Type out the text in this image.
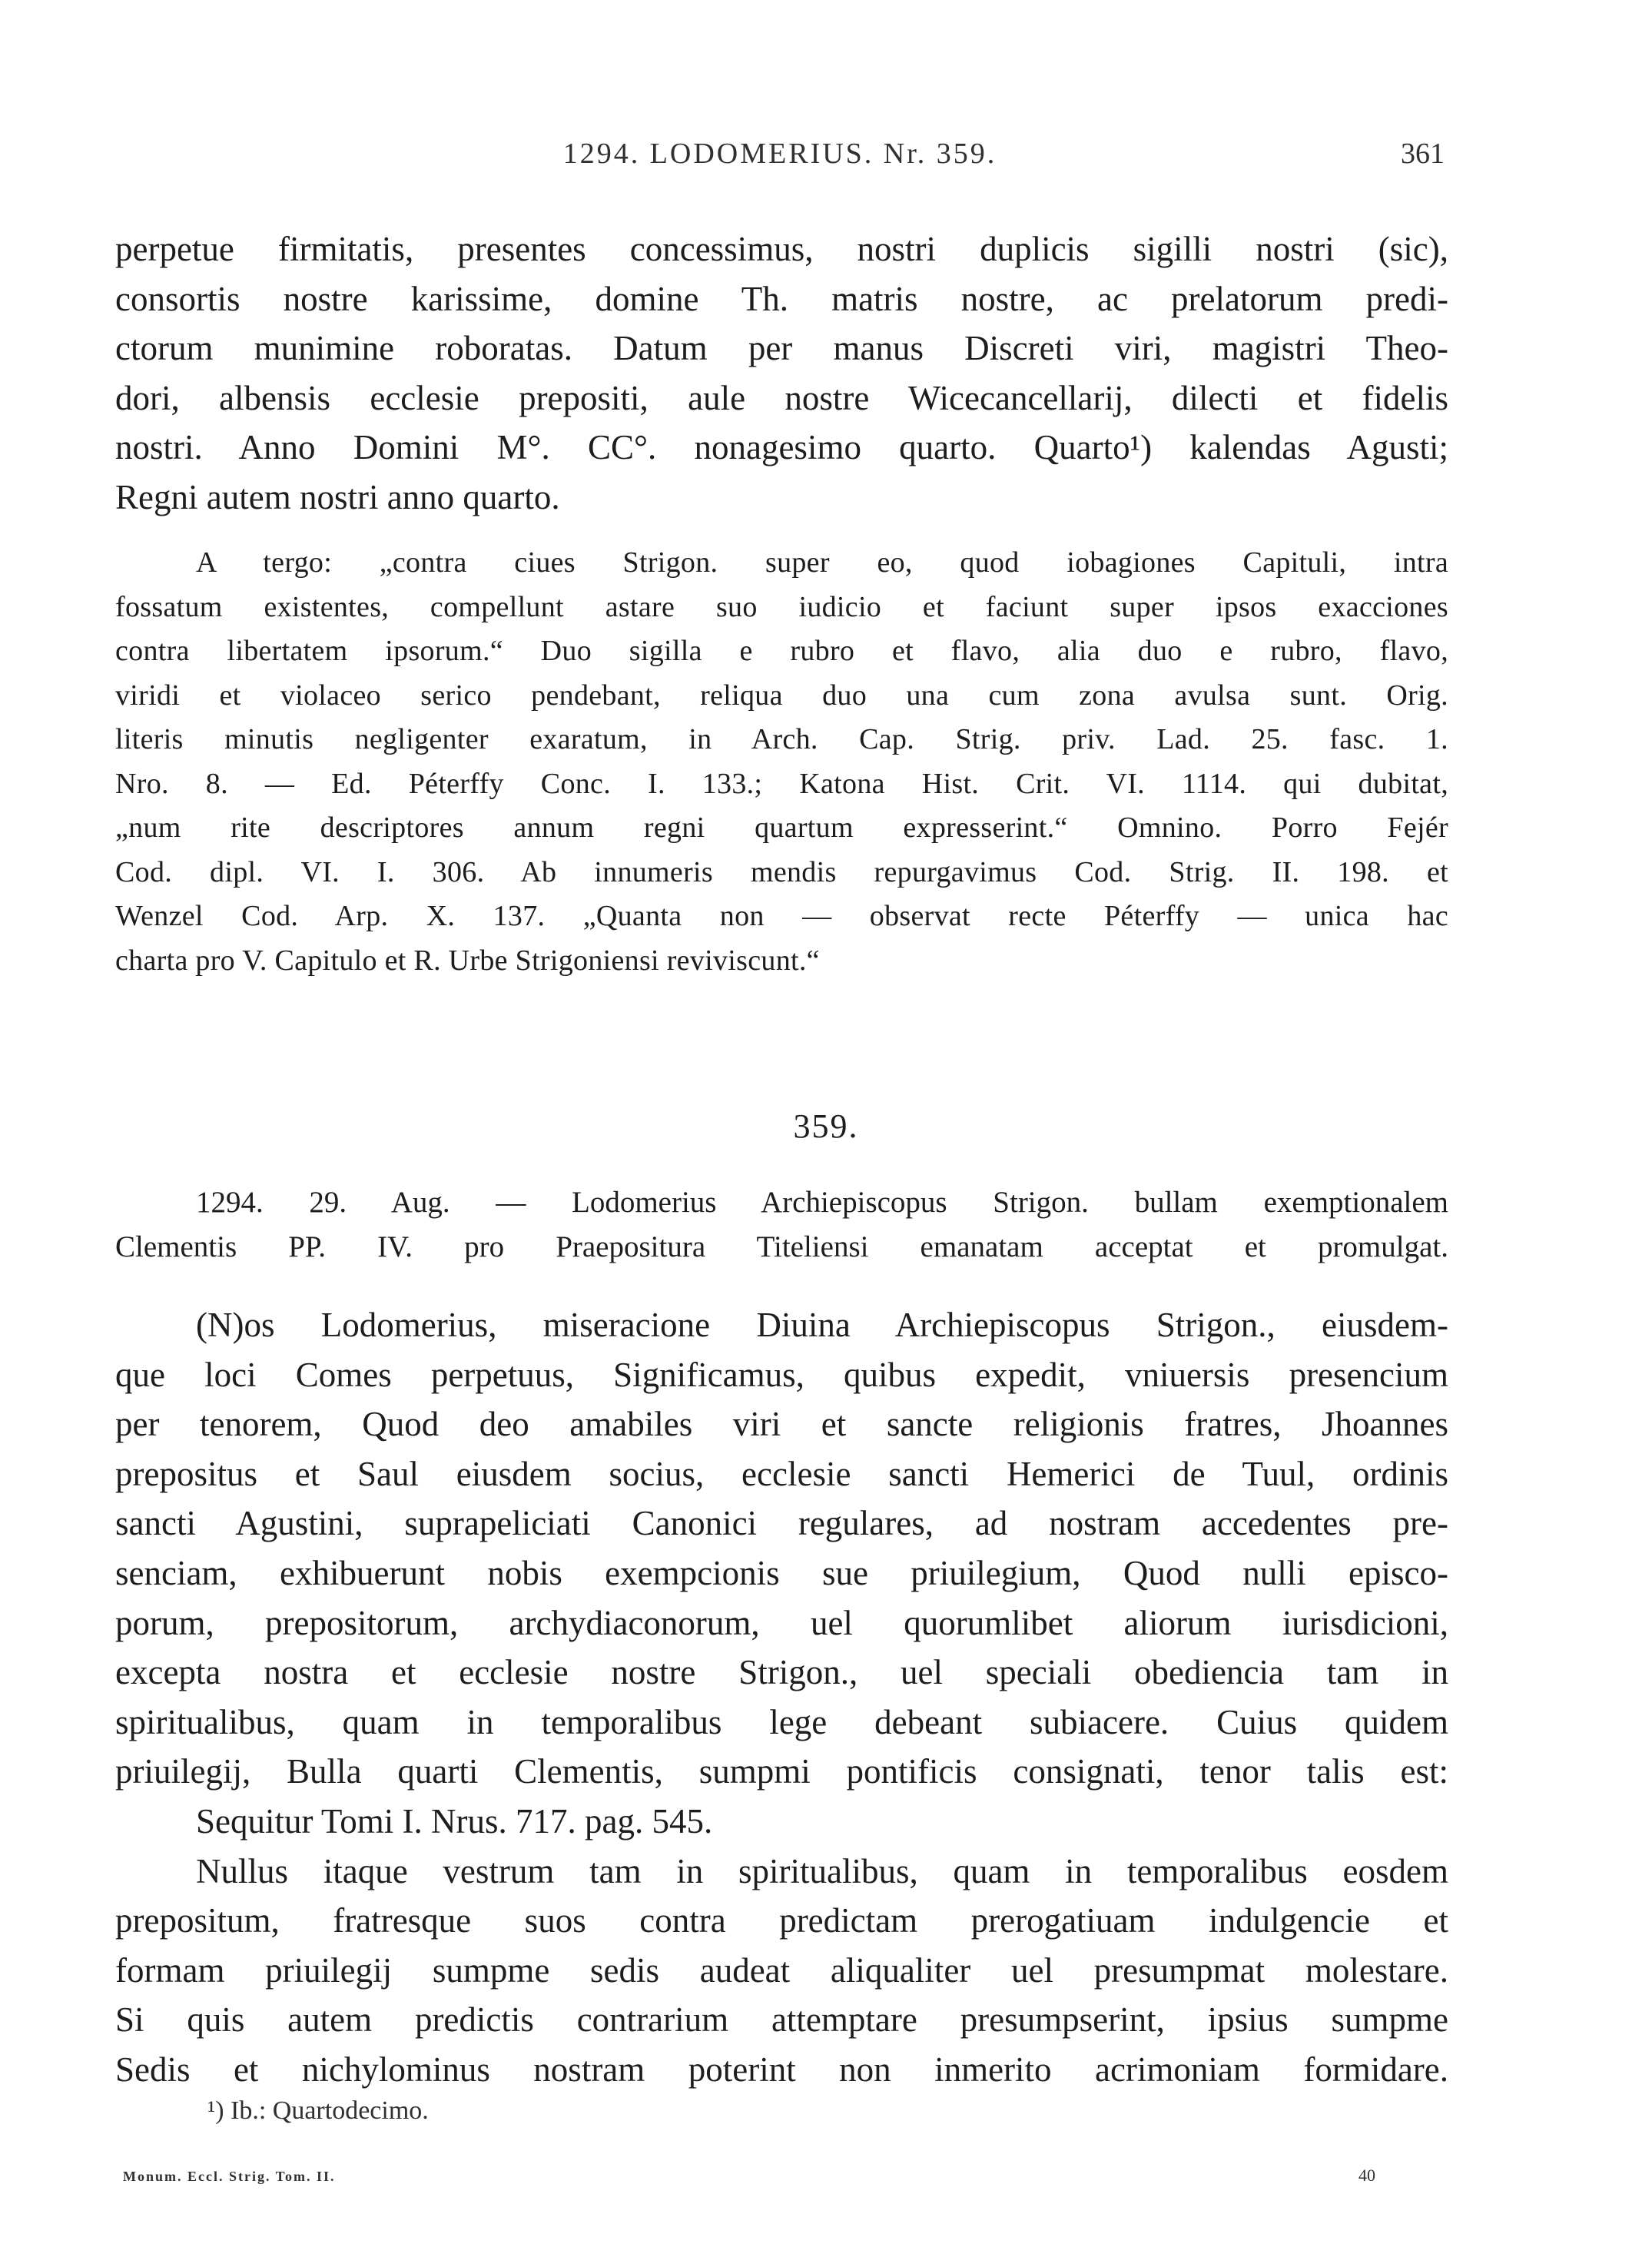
1294. LODOMERIUS. Nr. 359.	361
perpetue firmitatis, presentes concessimus, nostri duplicis sigilli nostri (sic),
consortis nostre karissime, domine Th. matris nostre, ac prelatorum predi-
ctorum munimine roboratas. Datum per manus Discreti viri, magistri Theo-
dori, albensis ecclesie prepositi, aule nostre Wicecancellarij, dilecti et fidelis
nostri. Anno Domini M°. CC°. nonagesimo quarto. Quarto¹) kalendas Agusti;
Regni autem nostri anno quarto.
A tergo: „contra ciues Strigon. super eo, quod iobagiones Capituli, intra
fossatum existentes, compellunt astare suo iudicio et faciunt super ipsos exacciones
contra libertatem ipsorum.“ Duo sigilla e rubro et flavo, alia duo e rubro, flavo,
viridi et violaceo serico pendebant, reliqua duo una cum zona avulsa sunt. Orig.
literis minutis negligenter exaratum, in Arch. Cap. Strig. priv. Lad. 25. fasc. 1.
Nro. 8. — Ed. Péterffy Conc. I. 133.; Katona Hist. Crit. VI. 1114. qui dubitat,
„num rite descriptores annum regni quartum expresserint.“ Omnino. Porro Fejér
Cod. dipl. VI. I. 306. Ab innumeris mendis repurgavimus Cod. Strig. II. 198. et
Wenzel Cod. Arp. X. 137. „Quanta non — observat recte Péterffy — unica hac
charta pro V. Capitulo et R. Urbe Strigoniensi reviviscunt.“
359.
1294. 29. Aug. — Lodomerius Archiepiscopus Strigon. bullam exemptionalem
Clementis PP. IV. pro Praepositura Titeliensi emanatam acceptat et promulgat.
(N)os Lodomerius, miseracione Diuina Archiepiscopus Strigon., eiusdem-
que loci Comes perpetuus, Significamus, quibus expedit, vniuersis presencium
per tenorem, Quod deo amabiles viri et sancte religionis fratres, Jhoannes
prepositus et Saul eiusdem socius, ecclesie sancti Hemerici de Tuul, ordinis
sancti Agustini, suprapeliciati Canonici regulares, ad nostram accedentes pre-
senciam, exhibuerunt nobis exempcionis sue priuilegium, Quod nulli episco-
porum, prepositorum, archydiaconorum, uel quorumlibet aliorum iurisdicioni,
excepta nostra et ecclesie nostre Strigon., uel speciali obediencia tam in
spiritualibus, quam in temporalibus lege debeant subiacere. Cuius quidem
priuilegij, Bulla quarti Clementis, sumpmi pontificis consignati, tenor talis est:
Sequitur Tomi I. Nrus. 717. pag. 545.
Nullus itaque vestrum tam in spiritualibus, quam in temporalibus eosdem
prepositum, fratresque suos contra predictam prerogatiuam indulgencie et
formam priuilegij sumpme sedis audeat aliqualiter uel presumpmat molestare.
Si quis autem predictis contrarium attemptare presumpserint, ipsius sumpme
Sedis et nichylominus nostram poterint non inmerito acrimoniam formidare.
¹) Ib.: Quartodecimo.
Monum. Eccl. Strig. Tom. II.	40
